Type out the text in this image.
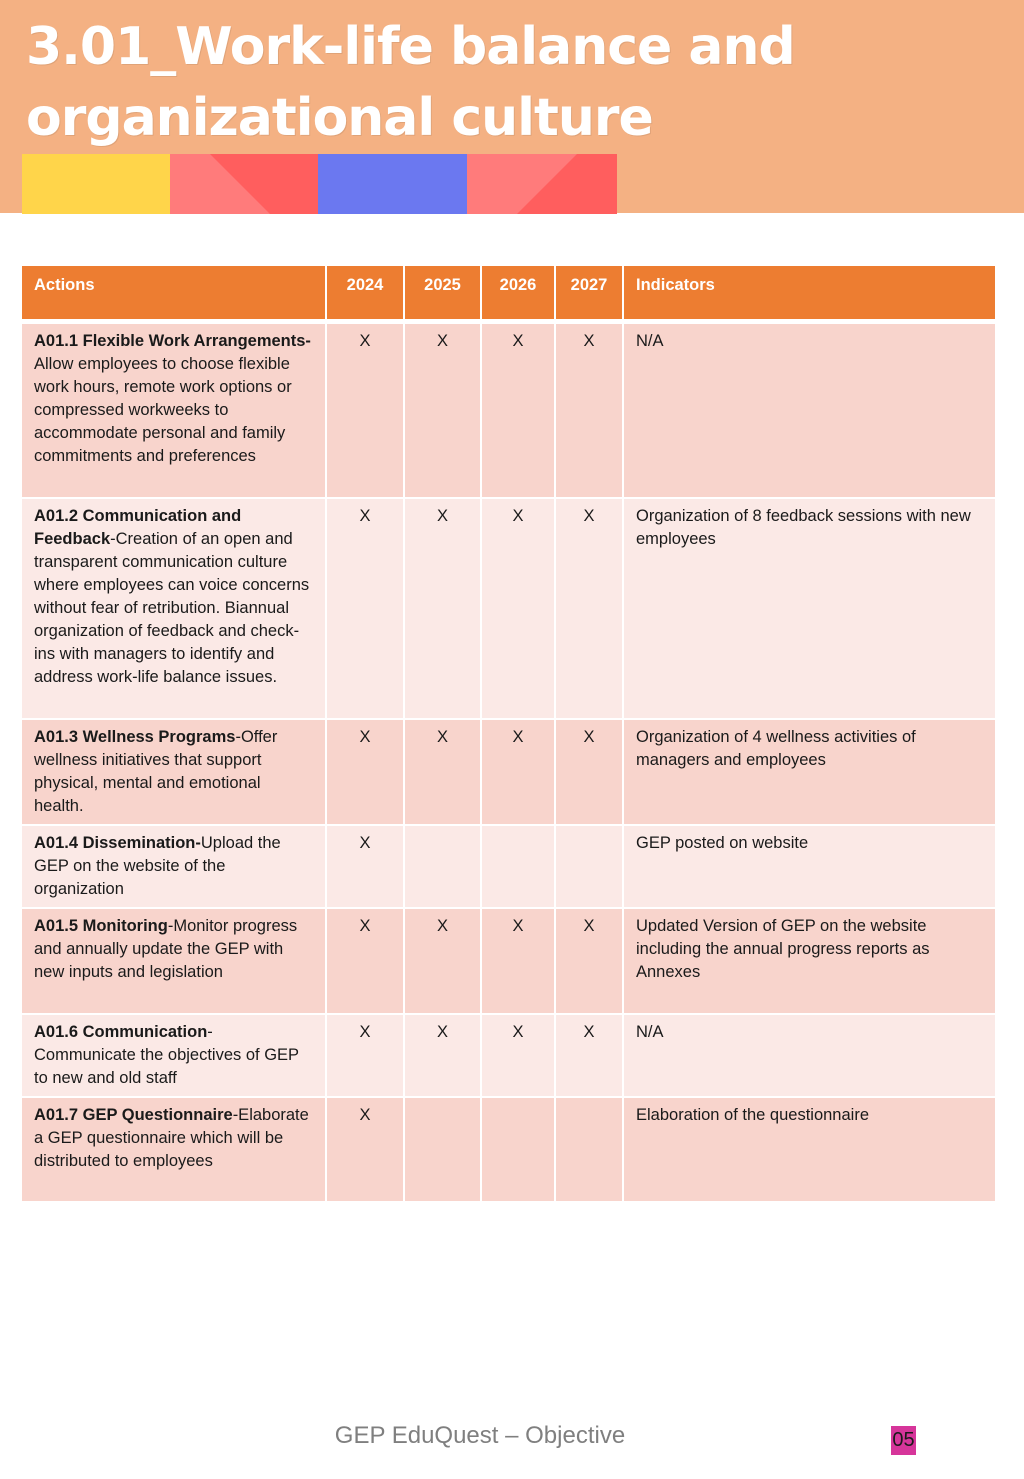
3.01_Work-life balance and
organizational culture
Actions	2024	2025	2026	2027	Indicators
A01.1 Flexible Work Arrangements-Allow employees to choose flexible work hours, remote work options or compressed workweeks to accommodate personal and family commitments and preferences	X	X	X	X	N/A
A01.2 Communication and Feedback-Creation of an open and transparent communication culture where employees can voice concerns without fear of retribution. Biannual organization of feedback and check-ins with managers to identify and address work-life balance issues.	X	X	X	X	Organization of 8 feedback sessions with new employees
A01.3 Wellness Programs-Offer wellness initiatives that support physical, mental and emotional health.	X	X	X	X	Organization of 4 wellness activities of managers and employees
A01.4 Dissemination-Upload the GEP on the website of the organization	X				GEP posted on website
A01.5 Monitoring-Monitor progress and annually update the GEP with new inputs and legislation	X	X	X	X	Updated Version of GEP on the website including the annual progress reports as Annexes
A01.6 Communication-Communicate the objectives of GEP to new and old staff	X	X	X	X	N/A
A01.7 GEP Questionnaire-Elaborate a GEP questionnaire which will be distributed to employees	X				Elaboration of the questionnaire
GEP EduQuest – Objective	05
